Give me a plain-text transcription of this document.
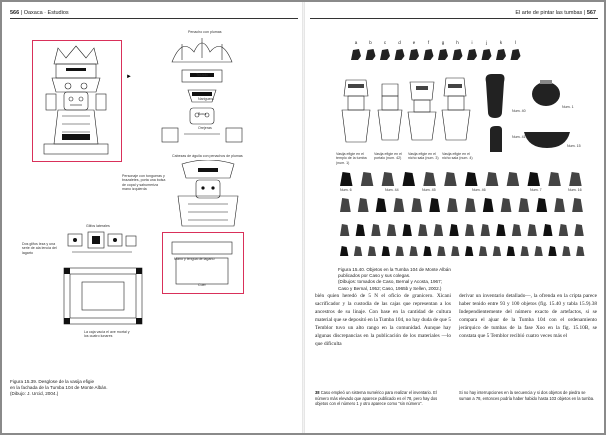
566 | Oaxaca · Estudios
►
Penacho con plumas
Tocado
Nariguera
Boca
Orejeras
Cabezas de águila con penachos de plumas
Personaje con tongueras y brazaletes, porta una bolsa de copal y sahumeriza mano izquierda
Mano y lengua de lagarto
Cuer
Glifos laterales
Dos glifos leza y una serie de ala lencia del lagarto
La caja vacía el ave mortal y los cuatro lunares
Figura 15.39. Desglose de la vasija efigie
en la fachada de la Tumba 104 de Monte Albán.
(Dibujo: J. Urcid, 2004.)
El arte de pintar las tumbas | 567
a	b	c	d	e	f	g	h	i	j	k	l
Vasija efigie en el templo de la tumba (num. 1)
Vasija efigie en el portalo (num. 42)
Vasija efigie en el nicho sala (num. 3)
Vasija efigie en el nicho sala (num. 4)
Num. 40
Num. 1
Num. 41
Num. 15
Num. 6	Num. 44	Num. 45	Num. 46	Num. 7	Num. 16
Figura 15.40. Objetos en la Tumba 104 de Monte Albán
publicados por Caso y sus colegas.
(Dibujos: tomados de Caso, Bernal y Acosta, 1967;
Caso y Bernal, 1952; Caso, 1965b y Sellen, 2002.)
bién quien heredó de 5 N el oficio de granicero. Xicani sacrificador y la custodia de las cajas que representan a los ancestros de su linaje. Con base en la cantidad de cultura material que se depositó en la Tumba 104, no hay duda de que 5 Temblor tuvo un alto rango en la comunidad. Aunque hay algunas discrepancias en la publicación de los materiales —lo que dificulta
derivar un inventario detallado—, la ofrenda en la cripta parece haber tenido entre 93 y 100 objetos (fig. 15.40 y tabla 15.9).38 Independientemente del número exacto de artefactos, si se compara el ajuar de la Tumba 104 con el ordenamiento jerárquico de tumbas de la fase Xoo en la fig. 15.10B, se constata que 5 Temblor recibió cuatro veces más el
38 Caso empleó un sistema numérico para realizar el inventario. El número más elevado que aparece publicado es el 78, pero hay dos objetos con el número 1 y otro aparece como "sin número".
Si no hay interrupciones en la secuencia y si dos objetos de piedra se suman a 78, entonces podría haber habido hasta 103 objetos en la tumba.
